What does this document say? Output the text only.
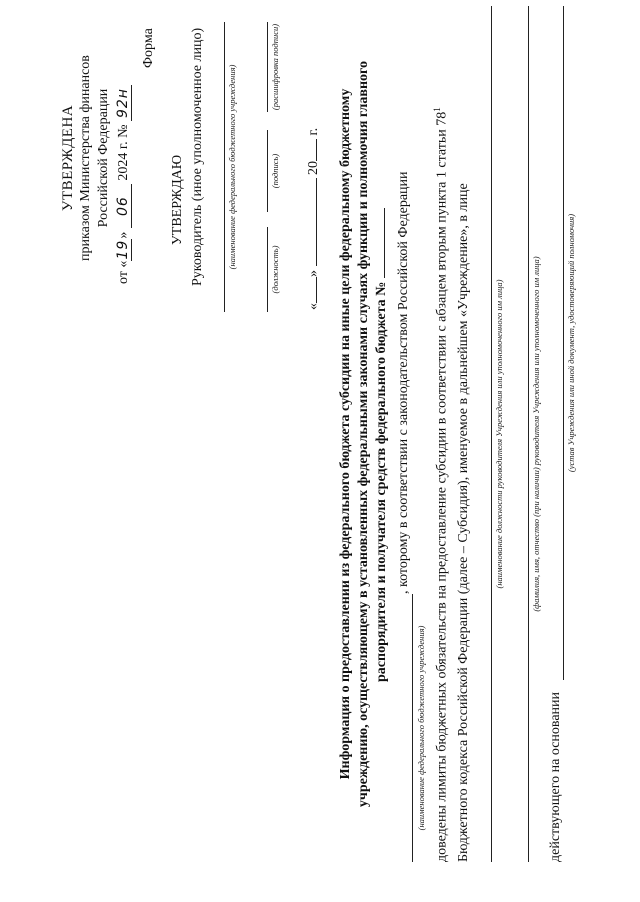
УТВЕРЖДЕНА приказом Министерства финансов Российской Федерации
от «19» 06 2024 г. № 92н
Форма
УТВЕРЖДАЮ Руководитель (иное уполномоченное лицо)	(наименование федерального бюджетного учреждения)
(должность)
(подпись)
(расшифровка подписи)
«»  20 г. Информация о предоставлении из федерального бюджета субсидии на иные цели федеральному бюджетному учреждению, осуществляющему в установленных федеральными законами случаях функции и полномочия главного распорядителя и получателя средств федерального бюджета № , которому в соответствии с законодательством Российской Федерации
(наименование федерального бюджетного учреждения) доведены лимиты бюджетных обязательств на предоставление субсидии в соответствии с абзацем вторым пункта 1 статьи $78^1$
Бюджетного кодекса Российской Федерации (далее – Субсидия), именуемое в дальнейшем «Учреждение», в лице	(наименование должности руководителя Учреждения или уполномоченного им лица)	(фамилия, имя, отчество (при наличии) руководителя Учреждения или уполномоченного им лица)
действующего на основании
(устав Учреждения или иной документ, удостоверяющий полномочия)
